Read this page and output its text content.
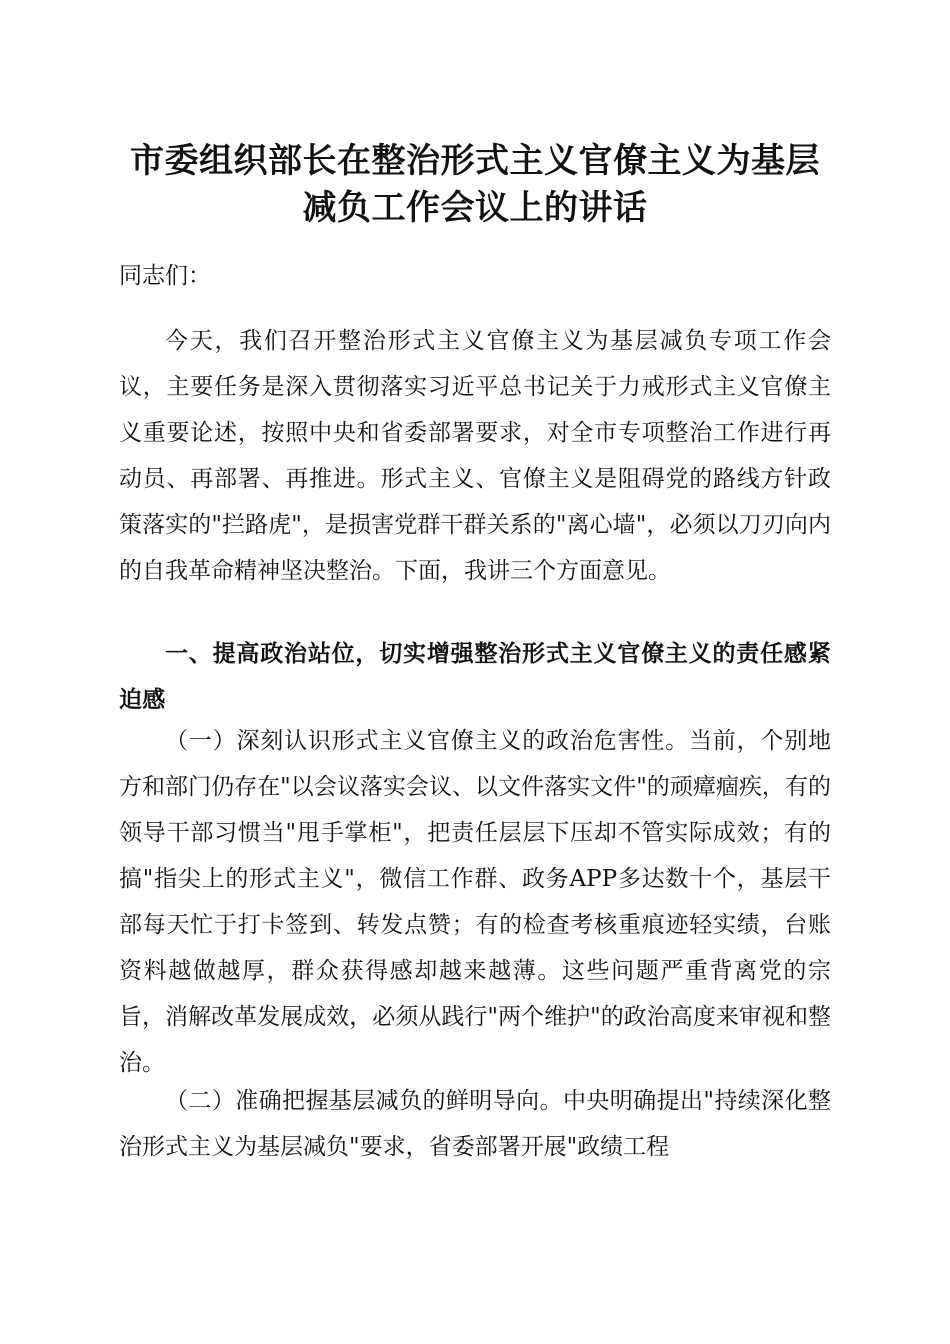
市委组织部长在整治形式主义官僚主义为基层
减负工作会议上的讲话

同志们：

今天，我们召开整治形式主义官僚主义为基层减负专项工作会议，主要任务是深入贯彻落实习近平总书记关于力戒形式主义官僚主义重要论述，按照中央和省委部署要求，对全市专项整治工作进行再动员、再部署、再推进。形式主义、官僚主义是阻碍党的路线方针政策落实的"拦路虎"，是损害党群干群关系的"离心墙"，必须以刀刃向内的自我革命精神坚决整治。下面，我讲三个方面意见。

一、提高政治站位，切实增强整治形式主义官僚主义的责任感紧迫感

（一）深刻认识形式主义官僚主义的政治危害性。当前，个别地方和部门仍存在"以会议落实会议、以文件落实文件"的顽瘴痼疾，有的领导干部习惯当"甩手掌柜"，把责任层层下压却不管实际成效；有的搞"指尖上的形式主义"，微信工作群、政务APP多达数十个，基层干部每天忙于打卡签到、转发点赞；有的检查考核重痕迹轻实绩，台账资料越做越厚，群众获得感却越来越薄。这些问题严重背离党的宗旨，消解改革发展成效，必须从践行"两个维护"的政治高度来审视和整治。

（二）准确把握基层减负的鲜明导向。中央明确提出"持续深化整治形式主义为基层减负"要求，省委部署开展"政绩工程
